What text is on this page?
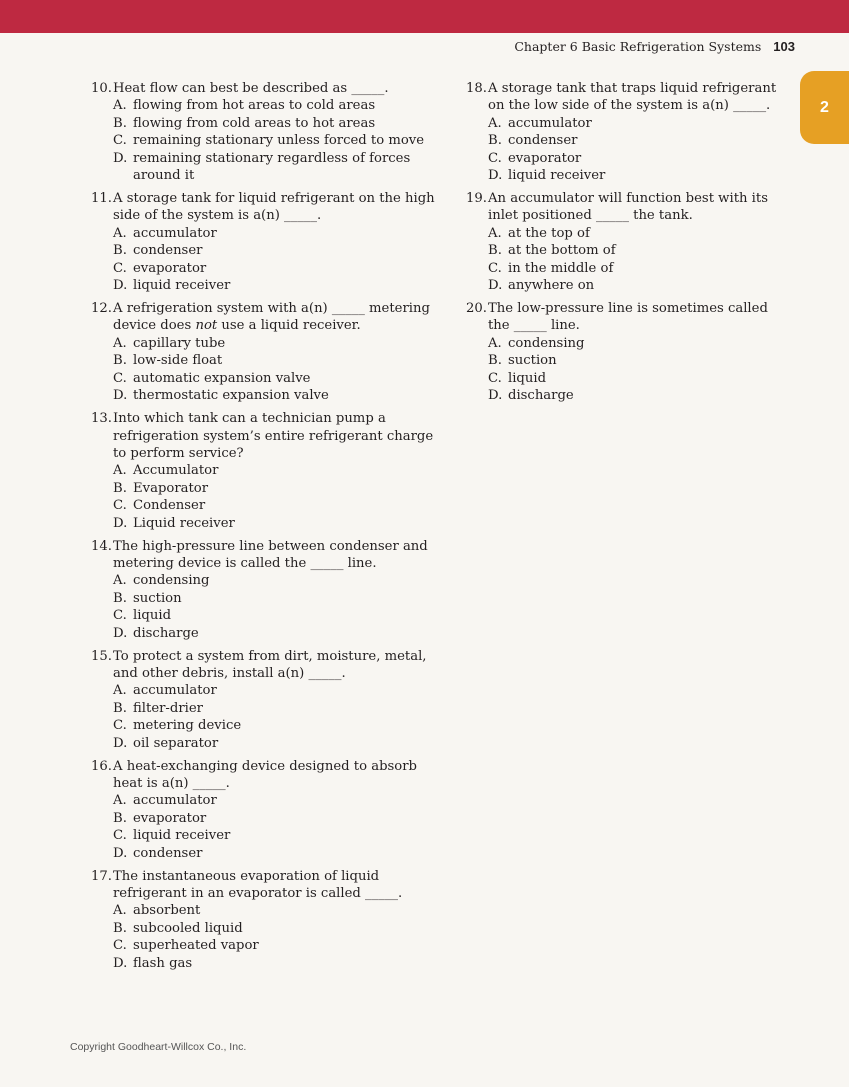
Chapter 6 Basic Refrigeration Systems 103
2
10. Heat flow can best be described as _____.
A. flowing from hot areas to cold areas
B. flowing from cold areas to hot areas
C. remaining stationary unless forced to move
D. remaining stationary regardless of forces around it
11. A storage tank for liquid refrigerant on the high side of the system is a(n) _____.
A. accumulator
B. condenser
C. evaporator
D. liquid receiver
12. A refrigeration system with a(n) _____ metering device does not use a liquid receiver.
A. capillary tube
B. low-side float
C. automatic expansion valve
D. thermostatic expansion valve
13. Into which tank can a technician pump a refrigeration system’s entire refrigerant charge to perform service?
A. Accumulator
B. Evaporator
C. Condenser
D. Liquid receiver
14. The high-pressure line between condenser and metering device is called the _____ line.
A. condensing
B. suction
C. liquid
D. discharge
15. To protect a system from dirt, moisture, metal, and other debris, install a(n) _____.
A. accumulator
B. filter-drier
C. metering device
D. oil separator
16. A heat-exchanging device designed to absorb heat is a(n) _____.
A. accumulator
B. evaporator
C. liquid receiver
D. condenser
17. The instantaneous evaporation of liquid refrigerant in an evaporator is called _____.
A. absorbent
B. subcooled liquid
C. superheated vapor
D. flash gas
18. A storage tank that traps liquid refrigerant on the low side of the system is a(n) _____.
A. accumulator
B. condenser
C. evaporator
D. liquid receiver
19. An accumulator will function best with its inlet positioned _____ the tank.
A. at the top of
B. at the bottom of
C. in the middle of
D. anywhere on
20. The low-pressure line is sometimes called the _____ line.
A. condensing
B. suction
C. liquid
D. discharge
Copyright Goodheart-Willcox Co., Inc.
